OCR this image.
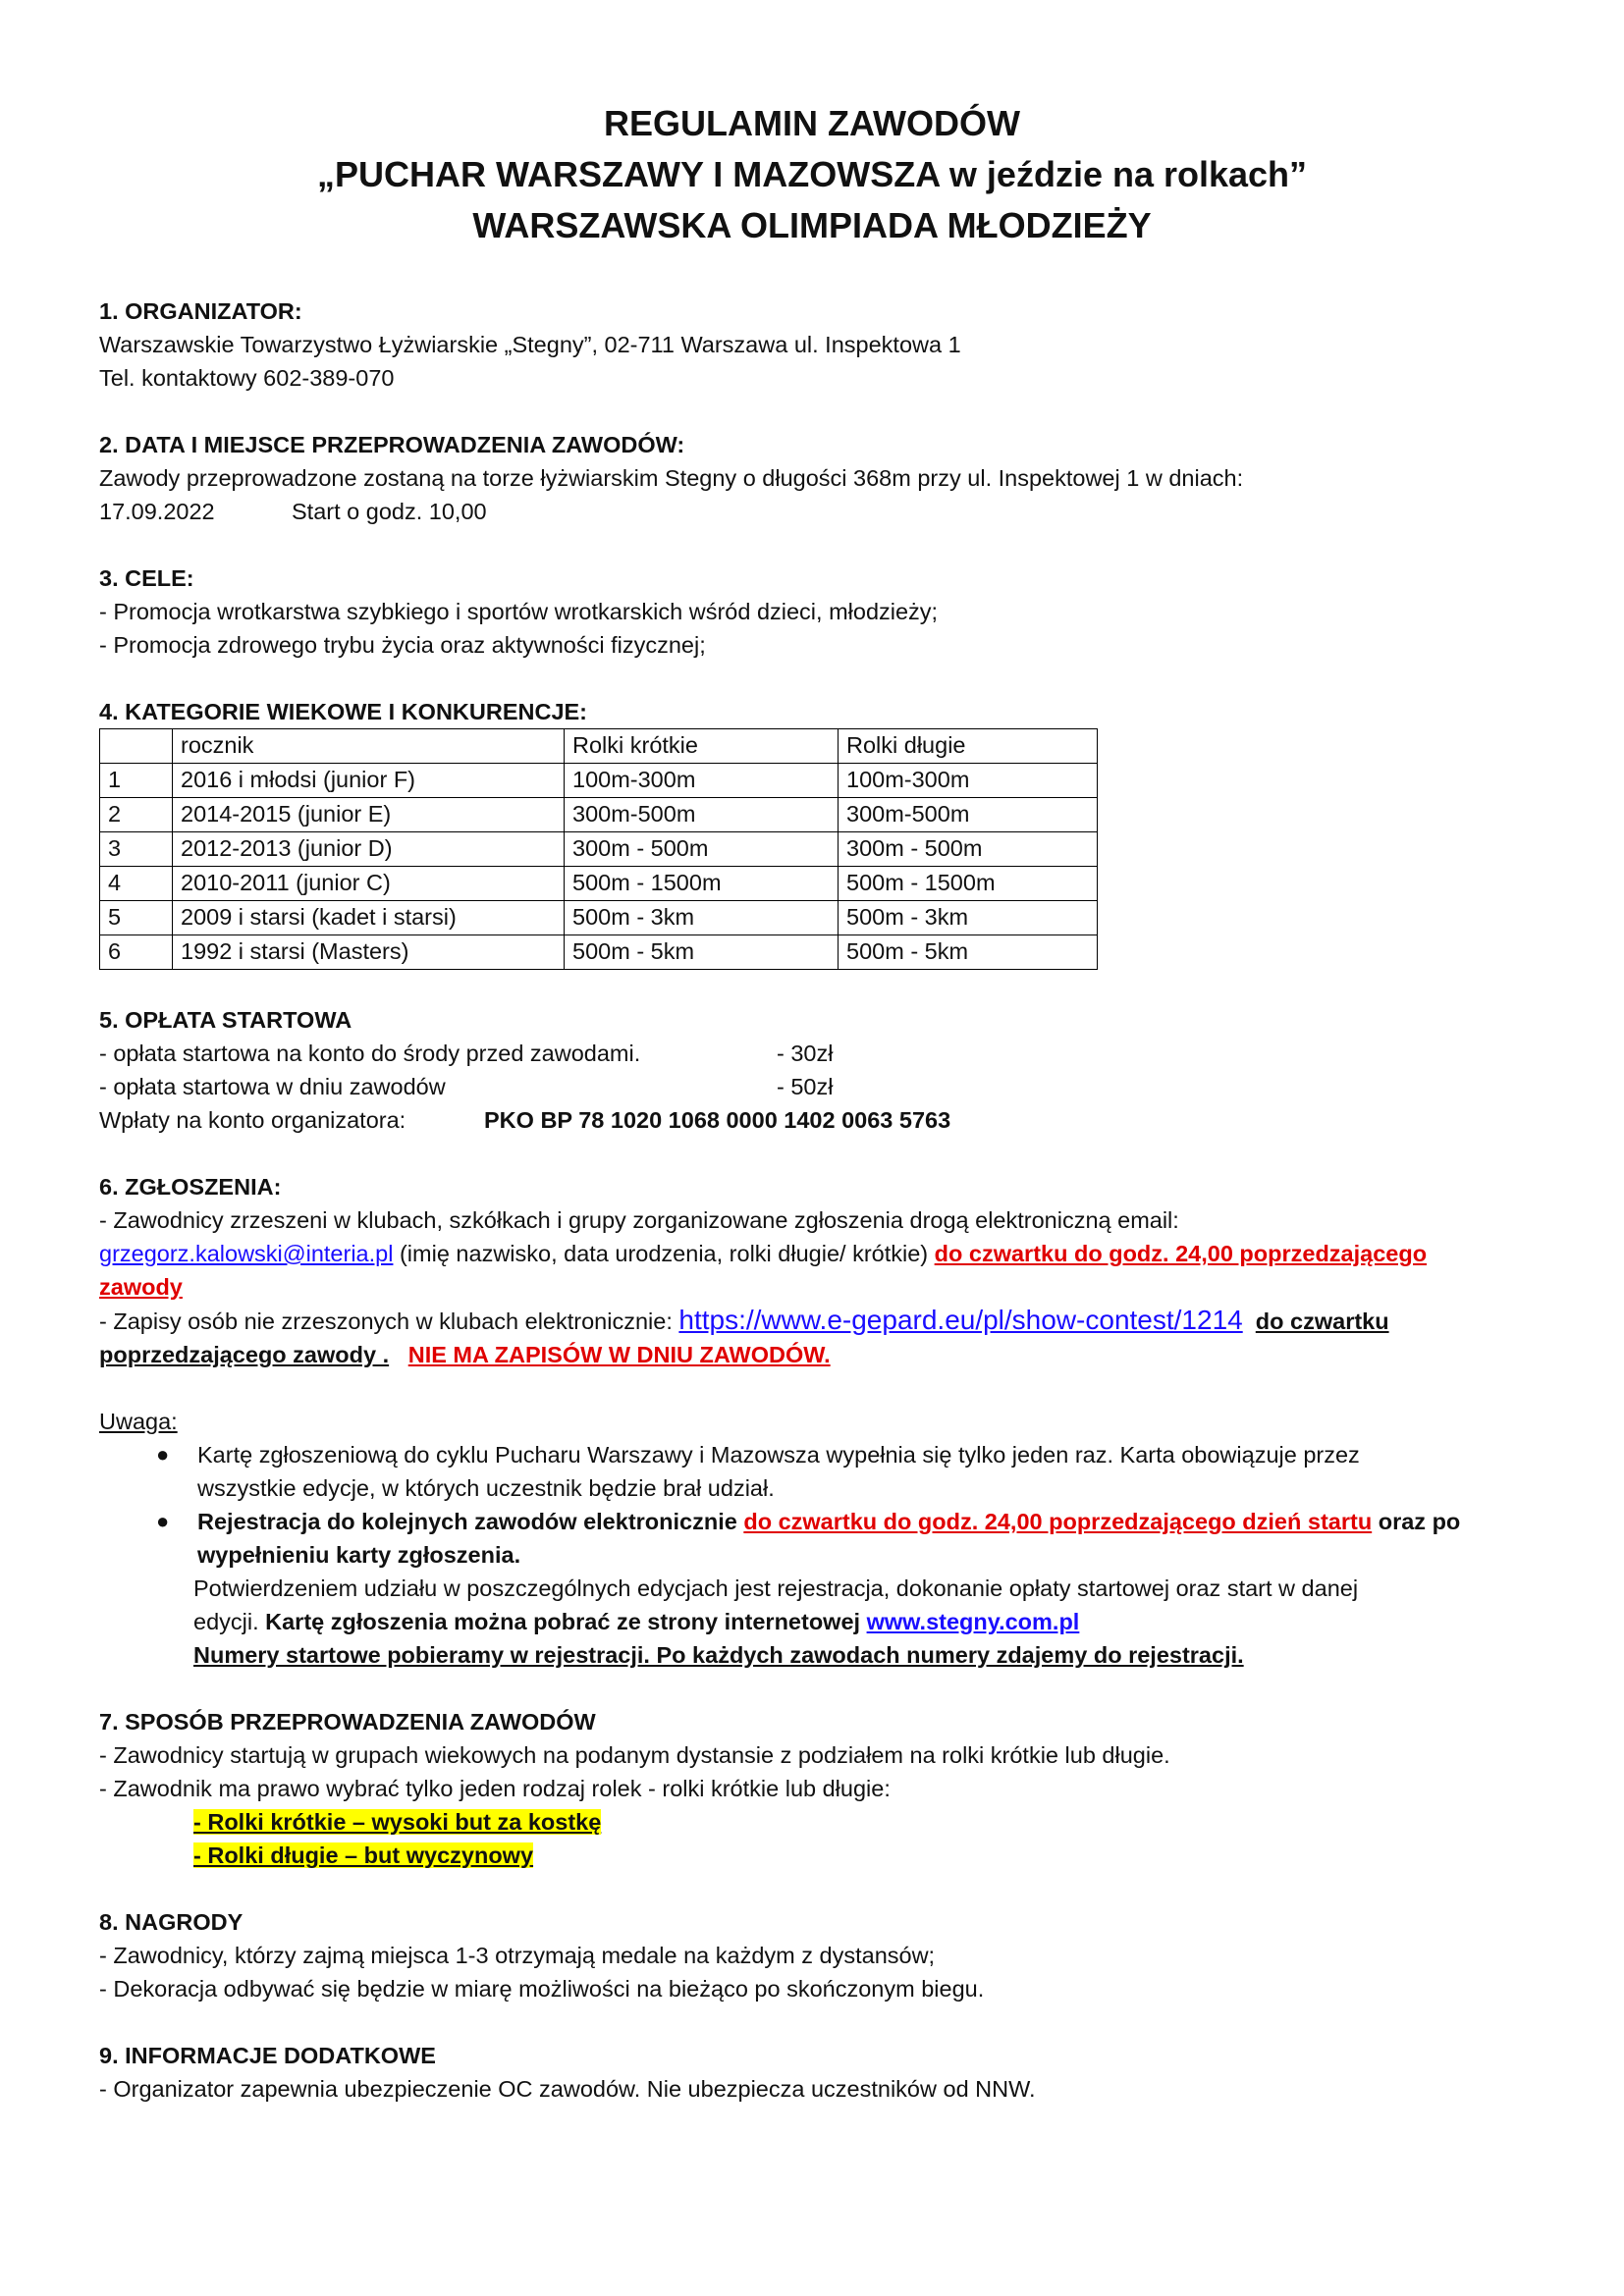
REGULAMIN ZAWODÓW
„PUCHAR WARSZAWY I MAZOWSZA w jeździe na rolkach”
WARSZAWSKA OLIMPIADA MŁODZIEŻY
1. ORGANIZATOR:
Warszawskie Towarzystwo Łyżwiarskie „Stegny”, 02-711 Warszawa ul. Inspektowa 1
Tel. kontaktowy 602-389-070
2. DATA I MIEJSCE PRZEPROWADZENIA ZAWODÓW:
Zawody przeprowadzone zostaną na torze łyżwiarskim Stegny o długości 368m przy ul. Inspektowej 1 w dniach:
17.09.2022	Start o godz. 10,00
3. CELE:
- Promocja wrotkarstwa szybkiego i sportów wrotkarskich wśród dzieci, młodzieży;
- Promocja zdrowego trybu życia oraz aktywności fizycznej;
4. KATEGORIE WIEKOWE I KONKURENCJE:
	rocznik	Rolki krótkie	Rolki długie
1	2016 i młodsi (junior F)	100m-300m	100m-300m
2	2014-2015 (junior E)	300m-500m	300m-500m
3	2012-2013 (junior D)	300m - 500m	300m - 500m
4	2010-2011 (junior C)	500m - 1500m	500m - 1500m
5	2009 i starsi (kadet i starsi)	500m - 3km	500m - 3km
6	1992 i starsi (Masters)	500m - 5km	500m - 5km
5. OPŁATA STARTOWA
- opłata startowa na konto do środy przed zawodami.	- 30zł
- opłata startowa w dniu zawodów	- 50zł
Wpłaty na konto organizatora:	PKO BP 78 1020 1068 0000 1402 0063 5763
6. ZGŁOSZENIA:
- Zawodnicy zrzeszeni w klubach, szkółkach i grupy zorganizowane zgłoszenia drogą elektroniczną email:
grzegorz.kalowski@interia.pl (imię nazwisko, data urodzenia, rolki długie/ krótkie) do czwartku do godz. 24,00 poprzedzającego
zawody
- Zapisy osób nie zrzeszonych w klubach elektronicznie: https://www.e-gepard.eu/pl/show-contest/1214 do czwartku
poprzedzającego zawody . NIE MA ZAPISÓW W DNIU ZAWODÓW.
Uwaga:
● Kartę zgłoszeniową do cyklu Pucharu Warszawy i Mazowsza wypełnia się tylko jeden raz. Karta obowiązuje przez
wszystkie edycje, w których uczestnik będzie brał udział.
● Rejestracja do kolejnych zawodów elektronicznie do czwartku do godz. 24,00 poprzedzającego dzień startu oraz po
wypełnieniu karty zgłoszenia.
Potwierdzeniem udziału w poszczególnych edycjach jest rejestracja, dokonanie opłaty startowej oraz start w danej
edycji. Kartę zgłoszenia można pobrać ze strony internetowej www.stegny.com.pl
Numery startowe pobieramy w rejestracji. Po każdych zawodach numery zdajemy do rejestracji.
7. SPOSÓB PRZEPROWADZENIA ZAWODÓW
- Zawodnicy startują w grupach wiekowych na podanym dystansie z podziałem na rolki krótkie lub długie.
- Zawodnik ma prawo wybrać tylko jeden rodzaj rolek - rolki krótkie lub długie:
- Rolki krótkie – wysoki but za kostkę
- Rolki długie – but wyczynowy
8. NAGRODY
- Zawodnicy, którzy zajmą miejsca 1-3 otrzymają medale na każdym z dystansów;
- Dekoracja odbywać się będzie w miarę możliwości na bieżąco po skończonym biegu.
9. INFORMACJE DODATKOWE
- Organizator zapewnia ubezpieczenie OC zawodów. Nie ubezpiecza uczestników od NNW.
